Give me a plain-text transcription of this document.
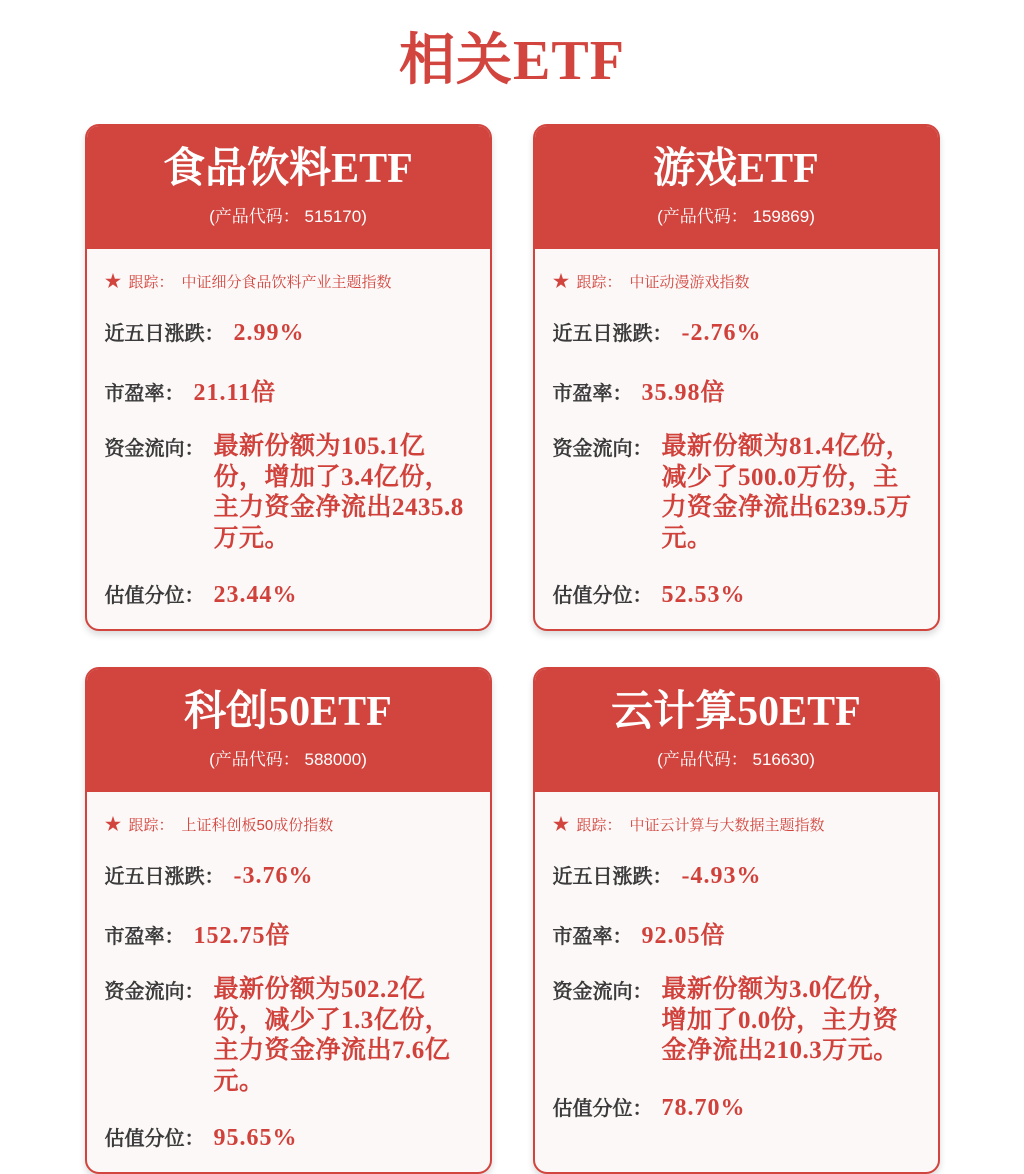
相关ETF
食品饮料ETF
(产品代码： 515170)
★ 跟踪： 中证细分食品饮料产业主题指数
近五日涨跌： 2.99%
市盈率： 21.11倍
资金流向： 最新份额为105.1亿份，增加了3.4亿份，主力资金净流出2435.8万元。
估值分位： 23.44%
游戏ETF
(产品代码： 159869)
★ 跟踪： 中证动漫游戏指数
近五日涨跌： -2.76%
市盈率： 35.98倍
资金流向： 最新份额为81.4亿份，减少了500.0万份，主力资金净流出6239.5万元。
估值分位： 52.53%
科创50ETF
(产品代码： 588000)
★ 跟踪： 上证科创板50成份指数
近五日涨跌： -3.76%
市盈率： 152.75倍
资金流向： 最新份额为502.2亿份，减少了1.3亿份，主力资金净流出7.6亿元。
估值分位： 95.65%
云计算50ETF
(产品代码： 516630)
★ 跟踪： 中证云计算与大数据主题指数
近五日涨跌： -4.93%
市盈率： 92.05倍
资金流向： 最新份额为3.0亿份，增加了0.0份，主力资金净流出210.3万元。
估值分位： 78.70%
